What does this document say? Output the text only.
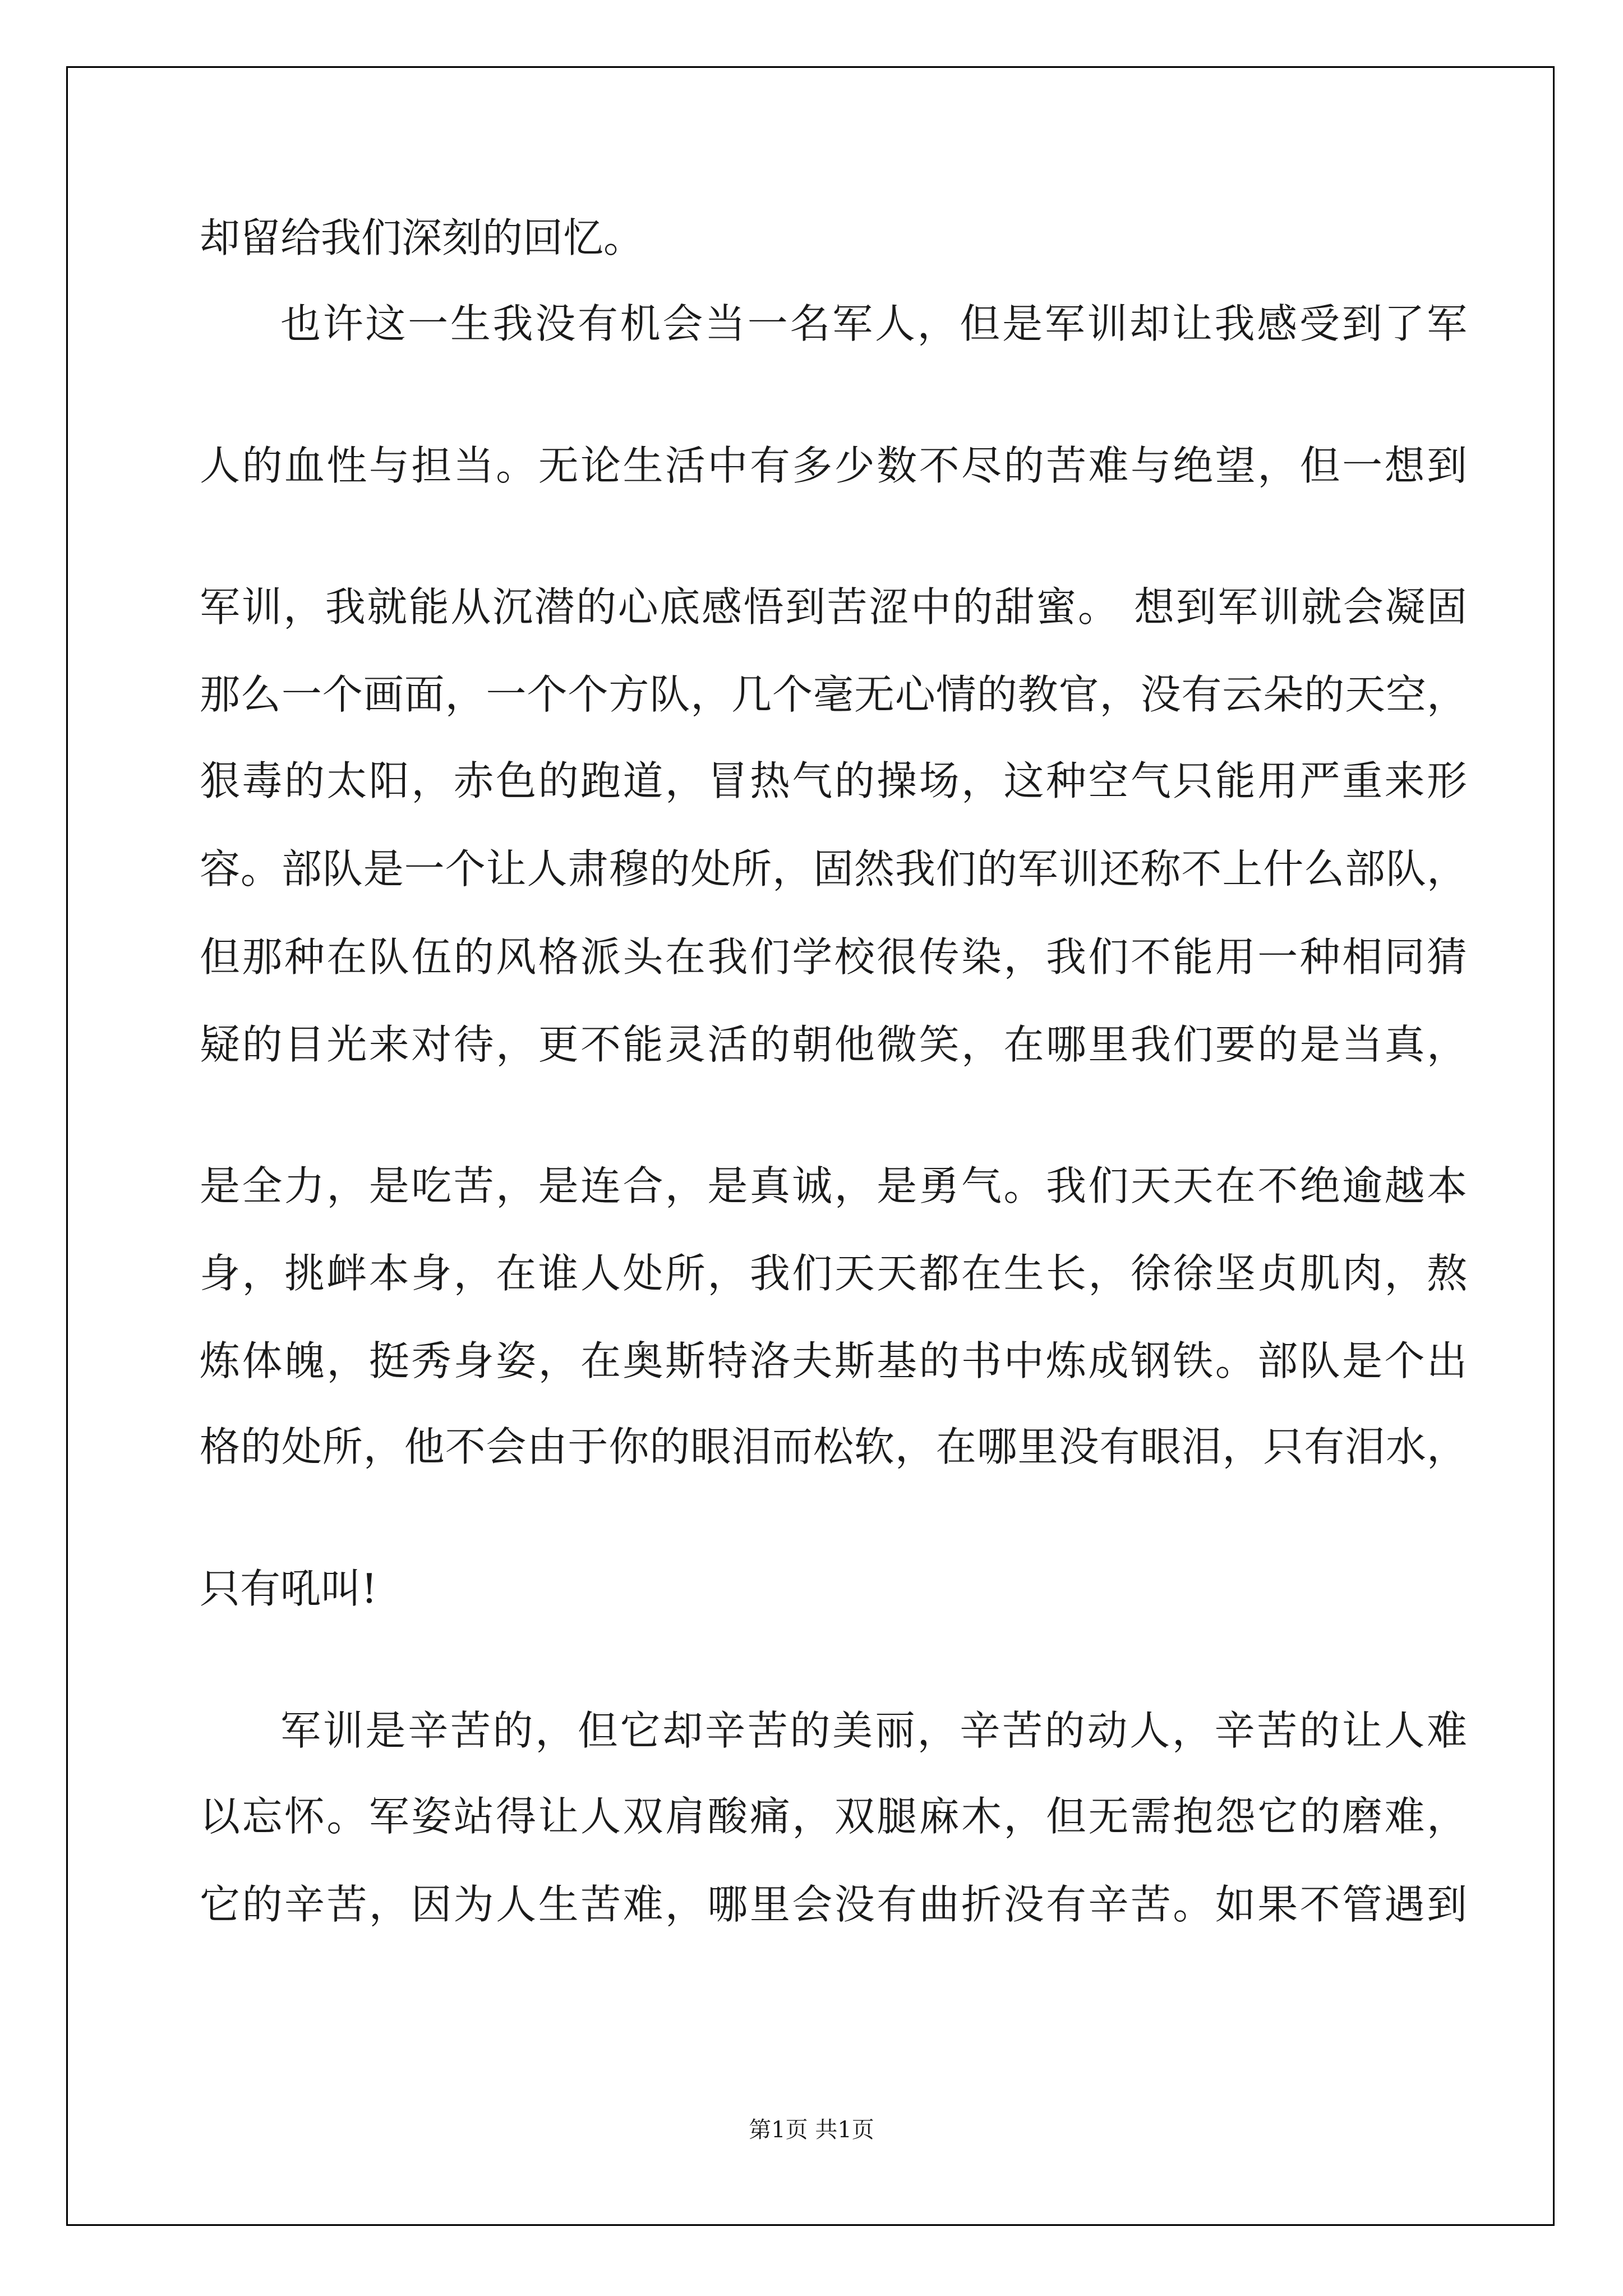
却留给我们深刻的回忆。
也许这一生我没有机会当一名军人，但是军训却让我感受到了军
人的血性与担当。无论生活中有多少数不尽的苦难与绝望，但一想到
军训，我就能从沉潜的心底感悟到苦涩中的甜蜜。 想到军训就会凝固
那么一个画面，一个个方队，几个毫无心情的教官，没有云朵的天空，
狠毒的太阳，赤色的跑道，冒热气的操场，这种空气只能用严重来形
容。部队是一个让人肃穆的处所，固然我们的军训还称不上什么部队，
但那种在队伍的风格派头在我们学校很传染，我们不能用一种相同猜
疑的目光来对待，更不能灵活的朝他微笑，在哪里我们要的是当真，
是全力，是吃苦，是连合，是真诚，是勇气。我们天天在不绝逾越本
身，挑衅本身，在谁人处所，我们天天都在生长，徐徐坚贞肌肉，熬
炼体魄，挺秀身姿，在奥斯特洛夫斯基的书中炼成钢铁。部队是个出
格的处所，他不会由于你的眼泪而松软，在哪里没有眼泪，只有泪水，
只有吼叫!
军训是辛苦的，但它却辛苦的美丽，辛苦的动人，辛苦的让人难
以忘怀。军姿站得让人双肩酸痛，双腿麻木，但无需抱怨它的磨难，
它的辛苦，因为人生苦难，哪里会没有曲折没有辛苦。如果不管遇到
第1页 共1页
